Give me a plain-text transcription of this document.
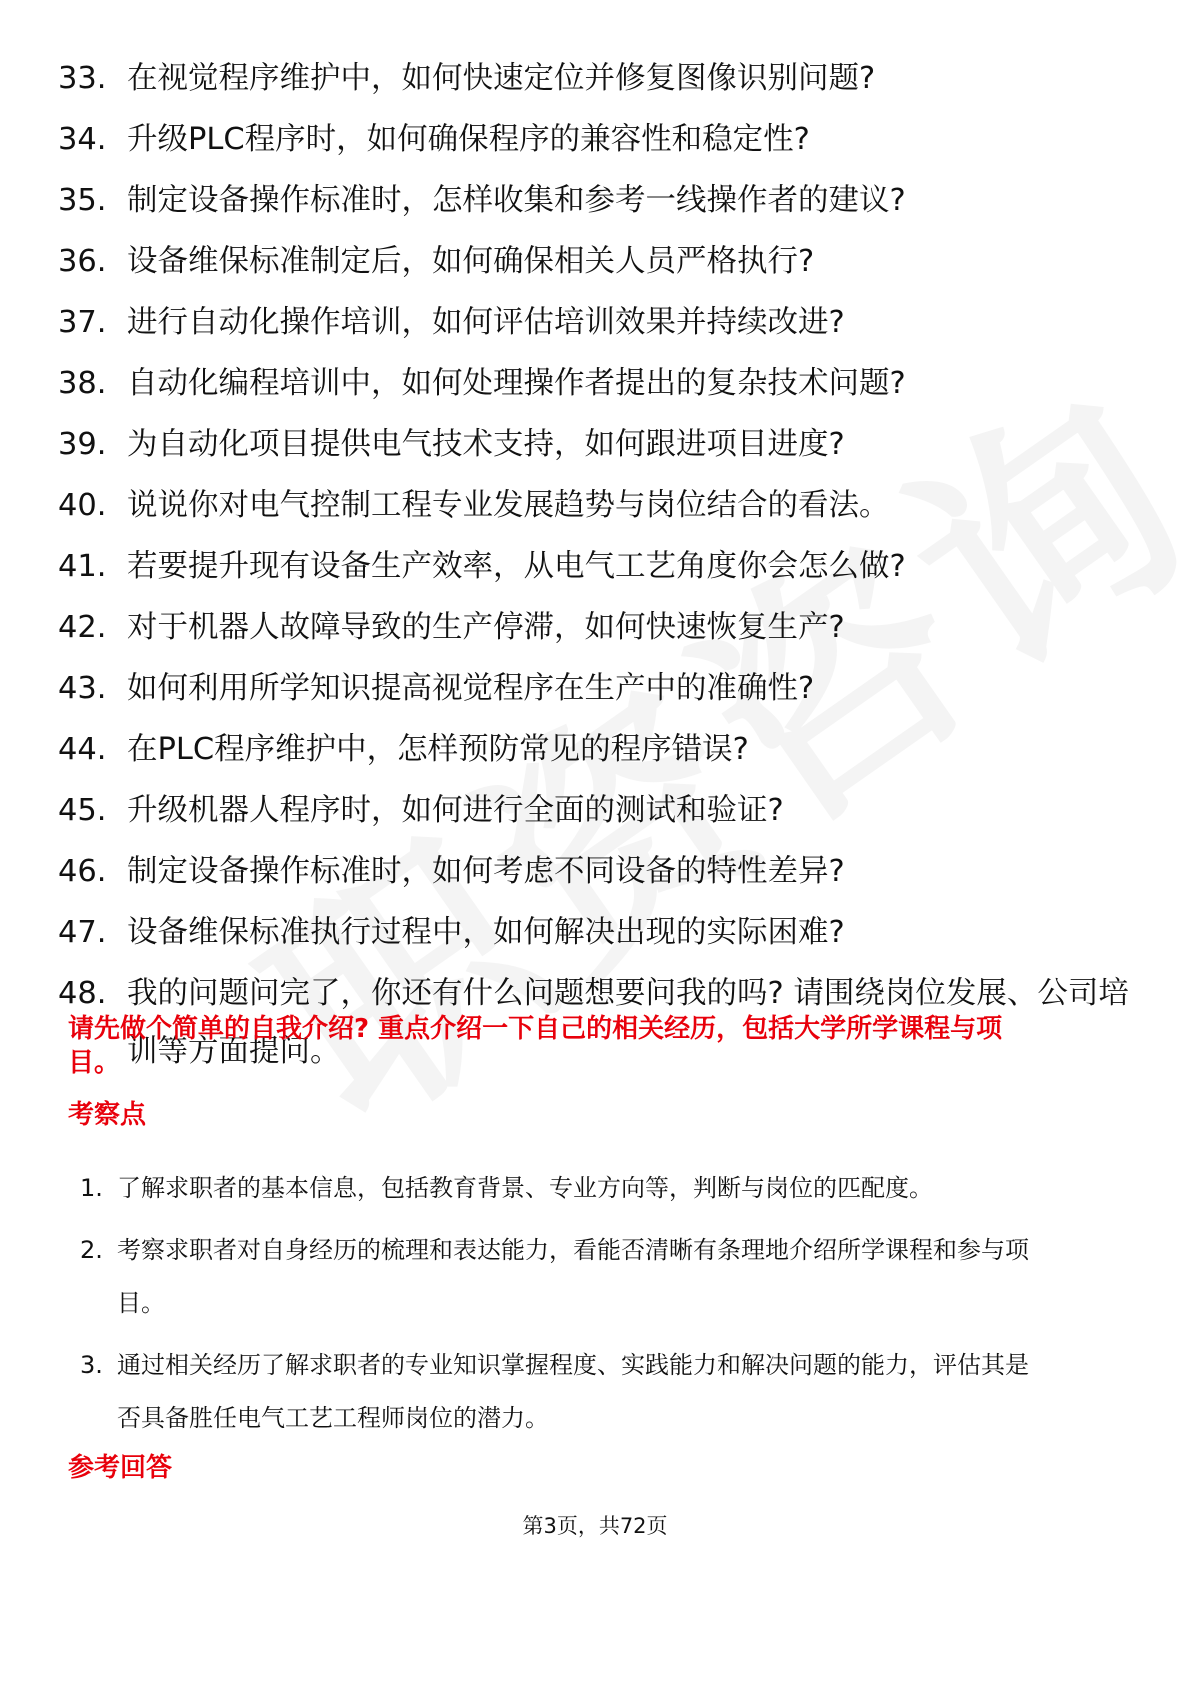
33. 在视觉程序维护中，如何快速定位并修复图像识别问题?
34. 升级PLC程序时，如何确保程序的兼容性和稳定性?
35. 制定设备操作标准时，怎样收集和参考一线操作者的建议?
36. 设备维保标准制定后，如何确保相关人员严格执行?
37. 进行自动化操作培训，如何评估培训效果并持续改进?
38. 自动化编程培训中，如何处理操作者提出的复杂技术问题?
39. 为自动化项目提供电气技术支持，如何跟进项目进度?
40. 说说你对电气控制工程专业发展趋势与岗位结合的看法。
41. 若要提升现有设备生产效率，从电气工艺角度你会怎么做?
42. 对于机器人故障导致的生产停滞，如何快速恢复生产?
43. 如何利用所学知识提高视觉程序在生产中的准确性?
44. 在PLC程序维护中，怎样预防常见的程序错误?
45. 升级机器人程序时，如何进行全面的测试和验证?
46. 制定设备操作标准时，如何考虑不同设备的特性差异?
47. 设备维保标准执行过程中，如何解决出现的实际困难?
48. 我的问题问完了，你还有什么问题想要问我的吗? 请围绕岗位发展、公司培训等方面提问。

请先做个简单的自我介绍? 重点介绍一下自己的相关经历，包括大学所学课程与项目。

考察点
1. 了解求职者的基本信息，包括教育背景、专业方向等，判断与岗位的匹配度。
2. 考察求职者对自身经历的梳理和表达能力，看能否清晰有条理地介绍所学课程和参与项目。
3. 通过相关经历了解求职者的专业知识掌握程度、实践能力和解决问题的能力，评估其是否具备胜任电气工艺工程师岗位的潜力。
参考回答
第3页，共72页
